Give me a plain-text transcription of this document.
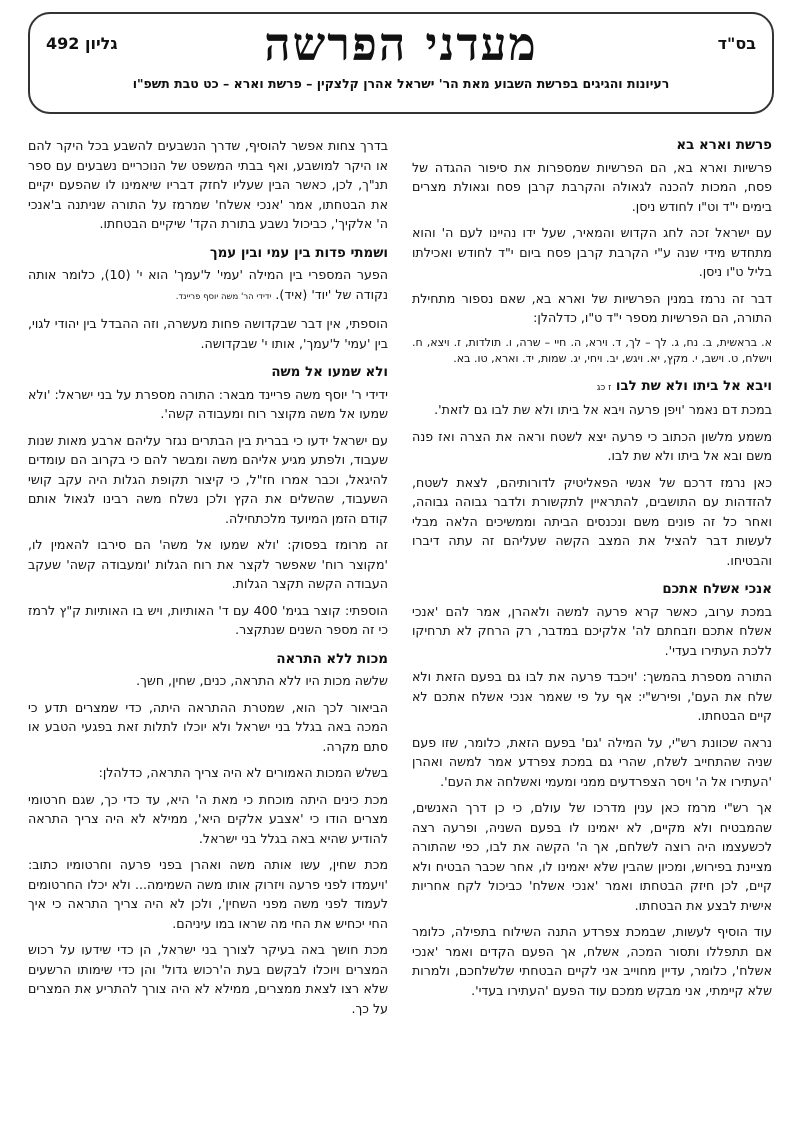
בס"ד
מעדני הפרשה
גליון 492
רעיונות והגיגים בפרשת השבוע מאת הר' ישראל אהרן קלצקין – פרשת וארא – כט טבת תשפ"ו
פרשת וארא בא

פרשיות וארא בא, הם הפרשיות שמספרות את סיפור ההגדה של פסח, המכות להכנה לגאולה והקרבת קרבן פסח וגאולת מצרים בימים י"ד וט"ו לחודש ניסן.

עם ישראל זכה לחג הקדוש והמאיר, שעל ידו נהיינו לעם ה' והוא מתחדש מידי שנה ע"י הקרבת קרבן פסח ביום י"ד לחודש ואכילתו בליל ט"ו ניסן.

דבר זה נרמז במנין הפרשיות של וארא בא, שאם נספור מתחילת התורה, הם הפרשיות מספר י"ד ט"ו, כדלהלן:

א. בראשית, ב. נח, ג. לך – לך, ד. וירא, ה. חיי – שרה, ו. תולדות, ז. ויצא, ח. וישלח, ט. וישב, י. מקץ, יא. ויגש, יב. ויחי, יג. שמות, יד. וארא, טו. בא.

ויבא אל ביתו ולא שת לבו ז כג

במכת דם נאמר 'ויפן פרעה ויבא אל ביתו ולא שת לבו גם לזאת'.

משמע מלשון הכתוב כי פרעה יצא לשטח וראה את הצרה ואז פנה משם ובא אל ביתו ולא שת לבו.

כאן נרמז דרכם של אנשי הפאליטיק לדורותיהם, לצאת לשטח, להזדהות עם התושבים, להתראיין לתקשורת ולדבר גבוהה גבוהה, ואחר כל זה פונים משם ונכנסים הביתה וממשיכים הלאה מבלי לעשות דבר להציל את המצב הקשה שעליהם זה עתה דיברו והבטיחו.

אנכי אשלח אתכם

במכת ערוב, כאשר קרא פרעה למשה ולאהרן, אמר להם 'אנכי אשלח אתכם וזבחתם לה' אלקיכם במדבר, רק הרחק לא תרחיקו ללכת העתירו בעדי'.

התורה מספרת בהמשך: 'ויכבד פרעה את לבו גם בפעם הזאת ולא שלח את העם', ופירש"י: אף על פי שאמר אנכי אשלח אתכם לא קיים הבטחתו.

נראה שכוונת רש"י, על המילה 'גם' בפעם הזאת, כלומר, שזו פעם שניה שהתחייב לשלח, שהרי גם במכת צפרדע אמר למשה ואהרן 'העתירו אל ה' ויסר הצפרדעים ממני ומעמי ואשלחה את העם'.

אך רש"י מרמז כאן ענין מדרכו של עולם, כי כן דרך האנשים, שהמבטיח ולא מקיים, לא יאמינו לו בפעם השניה, ופרעה רצה לכשעצמו היה רוצה לשלחם, אך ה' הקשה את לבו, כפי שהתורה מציינת בפירוש, ומכיון שהבין שלא יאמינו לו, אחר שכבר הבטיח ולא קיים, לכן חיזק הבטחתו ואמר 'אנכי אשלח' כביכול לקח אחריות אישית לבצע את הבטחתו.

עוד הוסיף לעשות, שבמכת צפרדע התנה השילוח בתפילה, כלומר אם תתפללו ותסור המכה, אשלח, אך הפעם הקדים ואמר 'אנכי אשלח', כלומר, עדיין מחוייב אני לקיים הבטחתי שלשלחכם, ולמרות שלא קיימתי, אני מבקש ממכם עוד הפעם 'העתירו בעדי'.

בדרך צחות אפשר להוסיף, שדרך הנשבעים להשבע בכל היקר להם או היקר למושבע, ואף בבתי המשפט של הנוכריים נשבעים עם ספר תנ"ך, לכן, כאשר הבין שעליו לחזק דבריו שיאמינו לו שהפעם יקיים את הבטחתו, אמר 'אנכי אשלח' שמרמז על התורה שניתנה ב'אנכי ה' אלקיך', כביכול נשבע בתורת הקד' שיקיים הבטחתו.

ושמתי פדות בין עמי ובין עמך

הפער המספרי בין המילה 'עמי' ל'עמך' הוא י' (10), כלומר אותה נקודה של 'יוד' (איד). ידידי הר' משה יוסף פריינד.

הוספתי, אין דבר שבקדושה פחות מעשרה, וזה ההבדל בין יהודי לגוי, בין 'עמי' ל'עמך', אותו י' שבקדושה.

ולא שמעו אל משה

ידידי ר' יוסף משה פריינד מבאר: התורה מספרת על בני ישראל: 'ולא שמעו אל משה מקוצר רוח ומעבודה קשה'.

עם ישראל ידעו כי בברית בין הבתרים נגזר עליהם ארבע מאות שנות שעבוד, ולפתע מגיע אליהם משה ומבשר להם כי בקרוב הם עומדים להיגאל, וכבר אמרו חז"ל, כי קיצור תקופת הגלות היה עקב קושי השעבוד, שהשלים את הקץ ולכן נשלח משה רבינו לגאול אותם קודם הזמן המיועד מלכתחילה.

זה מרומז בפסוק: 'ולא שמעו אל משה' הם סירבו להאמין לו, 'מקוצר רוח' שאפשר לקצר את רוח הגלות 'ומעבודה קשה' שעקב העבודה הקשה תקצר הגלות.

הוספתי: קוצר בגימ' 400 עם ד' האותיות, ויש בו האותיות ק"ץ לרמז כי זה מספר השנים שנתקצר.

מכות ללא התראה

שלשה מכות היו ללא התראה, כנים, שחין, חשך.

הביאור לכך הוא, שמטרת ההתראה היתה, כדי שמצרים תדע כי המכה באה בגלל בני ישראל ולא יוכלו לתלות זאת בפגעי הטבע או סתם מקרה.

בשלש המכות האמורים לא היה צריך התראה, כדלהלן:

מכת כינים היתה מוכחת כי מאת ה' היא, עד כדי כך, שגם חרטומי מצרים הודו כי 'אצבע אלקים היא', ממילא לא היה צריך התראה להודיע שהיא באה בגלל בני ישראל.

מכת שחין, עשו אותה משה ואהרן בפני פרעה וחרטומיו כתוב: 'ויעמדו לפני פרעה ויזרוק אותו משה השמימה... ולא יכלו החרטומים לעמוד לפני משה מפני השחין', ולכן לא היה צריך התראה כי איך החי יכחיש את החי מה שראו במו עיניהם.

מכת חושך באה בעיקר לצורך בני ישראל, הן כדי שידעו על רכוש המצרים ויוכלו לבקשם בעת ה'רכוש גדול' והן כדי שימותו הרשעים שלא רצו לצאת ממצרים, ממילא לא היה צורך להתריע את המצרים על כך.
